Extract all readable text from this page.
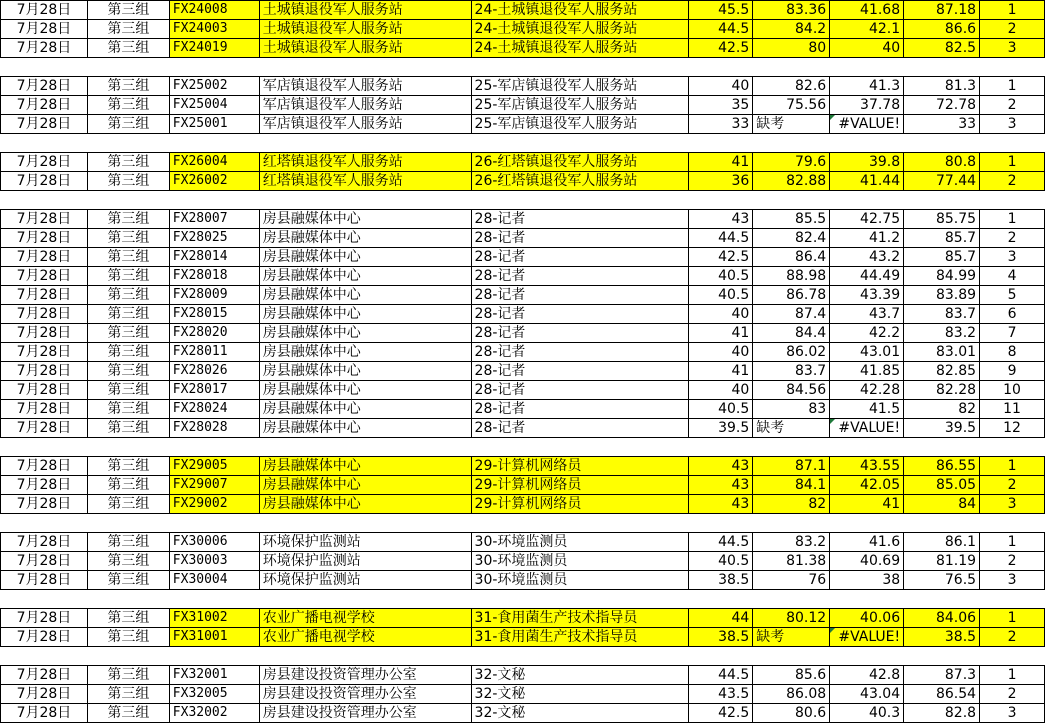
7月28日	第三组	FX24008	土城镇退役军人服务站	24-土城镇退役军人服务站	45.5	83.36	41.68	87.18	1
7月28日	第三组	FX24003	土城镇退役军人服务站	24-土城镇退役军人服务站	44.5	84.2	42.1	86.6	2
7月28日	第三组	FX24019	土城镇退役军人服务站	24-土城镇退役军人服务站	42.5	80	40	82.5	3

7月28日	第三组	FX25002	军店镇退役军人服务站	25-军店镇退役军人服务站	40	82.6	41.3	81.3	1
7月28日	第三组	FX25004	军店镇退役军人服务站	25-军店镇退役军人服务站	35	75.56	37.78	72.78	2
7月28日	第三组	FX25001	军店镇退役军人服务站	25-军店镇退役军人服务站	33	缺考	#VALUE!	33	3

7月28日	第三组	FX26004	红塔镇退役军人服务站	26-红塔镇退役军人服务站	41	79.6	39.8	80.8	1
7月28日	第三组	FX26002	红塔镇退役军人服务站	26-红塔镇退役军人服务站	36	82.88	41.44	77.44	2

7月28日	第三组	FX28007	房县融媒体中心	28-记者	43	85.5	42.75	85.75	1
7月28日	第三组	FX28025	房县融媒体中心	28-记者	44.5	82.4	41.2	85.7	2
7月28日	第三组	FX28014	房县融媒体中心	28-记者	42.5	86.4	43.2	85.7	3
7月28日	第三组	FX28018	房县融媒体中心	28-记者	40.5	88.98	44.49	84.99	4
7月28日	第三组	FX28009	房县融媒体中心	28-记者	40.5	86.78	43.39	83.89	5
7月28日	第三组	FX28015	房县融媒体中心	28-记者	40	87.4	43.7	83.7	6
7月28日	第三组	FX28020	房县融媒体中心	28-记者	41	84.4	42.2	83.2	7
7月28日	第三组	FX28011	房县融媒体中心	28-记者	40	86.02	43.01	83.01	8
7月28日	第三组	FX28026	房县融媒体中心	28-记者	41	83.7	41.85	82.85	9
7月28日	第三组	FX28017	房县融媒体中心	28-记者	40	84.56	42.28	82.28	10
7月28日	第三组	FX28024	房县融媒体中心	28-记者	40.5	83	41.5	82	11
7月28日	第三组	FX28028	房县融媒体中心	28-记者	39.5	缺考	#VALUE!	39.5	12

7月28日	第三组	FX29005	房县融媒体中心	29-计算机网络员	43	87.1	43.55	86.55	1
7月28日	第三组	FX29007	房县融媒体中心	29-计算机网络员	43	84.1	42.05	85.05	2
7月28日	第三组	FX29002	房县融媒体中心	29-计算机网络员	43	82	41	84	3

7月28日	第三组	FX30006	环境保护监测站	30-环境监测员	44.5	83.2	41.6	86.1	1
7月28日	第三组	FX30003	环境保护监测站	30-环境监测员	40.5	81.38	40.69	81.19	2
7月28日	第三组	FX30004	环境保护监测站	30-环境监测员	38.5	76	38	76.5	3

7月28日	第三组	FX31002	农业广播电视学校	31-食用菌生产技术指导员	44	80.12	40.06	84.06	1
7月28日	第三组	FX31001	农业广播电视学校	31-食用菌生产技术指导员	38.5	缺考	#VALUE!	38.5	2

7月28日	第三组	FX32001	房县建设投资管理办公室	32-文秘	44.5	85.6	42.8	87.3	1
7月28日	第三组	FX32005	房县建设投资管理办公室	32-文秘	43.5	86.08	43.04	86.54	2
7月28日	第三组	FX32002	房县建设投资管理办公室	32-文秘	42.5	80.6	40.3	82.8	3
